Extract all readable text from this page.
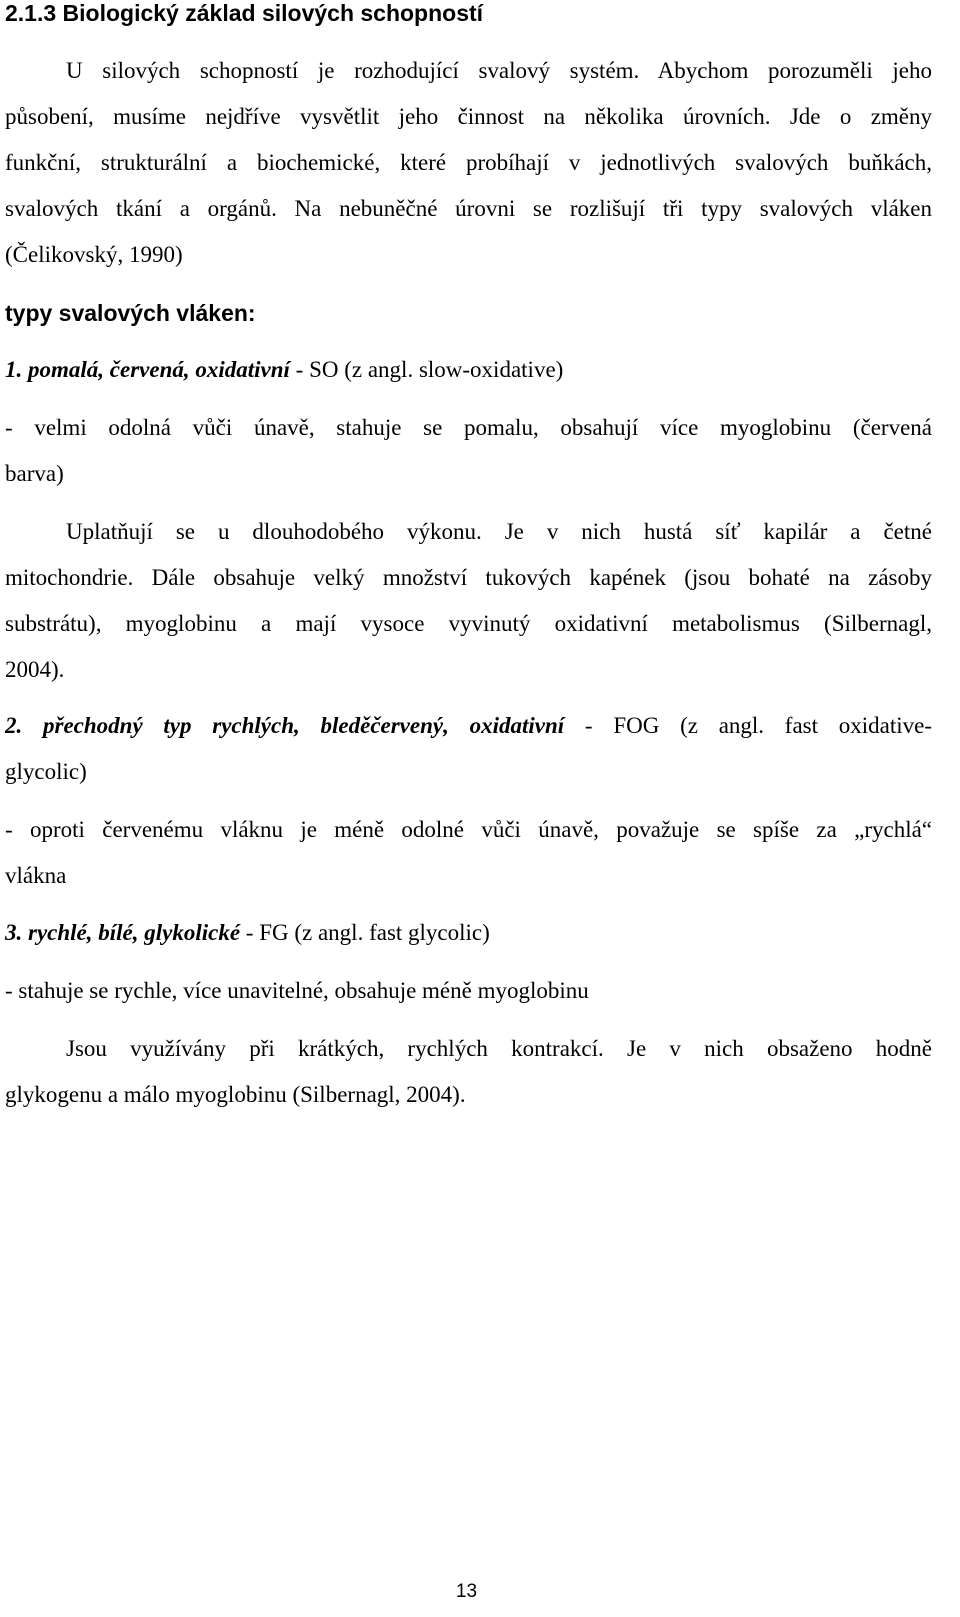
2.1.3 Biologický základ silových schopností
U silových schopností je rozhodující svalový systém. Abychom porozuměli jeho
působení, musíme nejdříve vysvětlit jeho činnost na několika úrovních. Jde o změny
funkční, strukturální a biochemické, které probíhají v jednotlivých svalových buňkách,
svalových tkání a orgánů. Na nebuněčné úrovni se rozlišují tři typy svalových vláken
(Čelikovský, 1990)
typy svalových vláken:
1. pomalá, červená, oxidativní - SO (z angl. slow-oxidative)
- velmi odolná vůči únavě, stahuje se pomalu, obsahují více myoglobinu (červená
barva)
Uplatňují se u dlouhodobého výkonu. Je v nich hustá síť kapilár a četné
mitochondrie. Dále obsahuje velký množství tukových kapének (jsou bohaté na zásoby
substrátu), myoglobinu a mají vysoce vyvinutý oxidativní metabolismus (Silbernagl,
2004).
2. přechodný typ rychlých, bleděčervený, oxidativní - FOG (z angl. fast oxidative-
glycolic)
- oproti červenému vláknu je méně odolné vůči únavě, považuje se spíše za „rychlá“
vlákna
3. rychlé, bílé, glykolické - FG (z angl. fast glycolic)
- stahuje se rychle, více unavitelné, obsahuje méně myoglobinu
Jsou využívány při krátkých, rychlých kontrakcí. Je v nich obsaženo hodně
glykogenu a málo myoglobinu (Silbernagl, 2004).
13
